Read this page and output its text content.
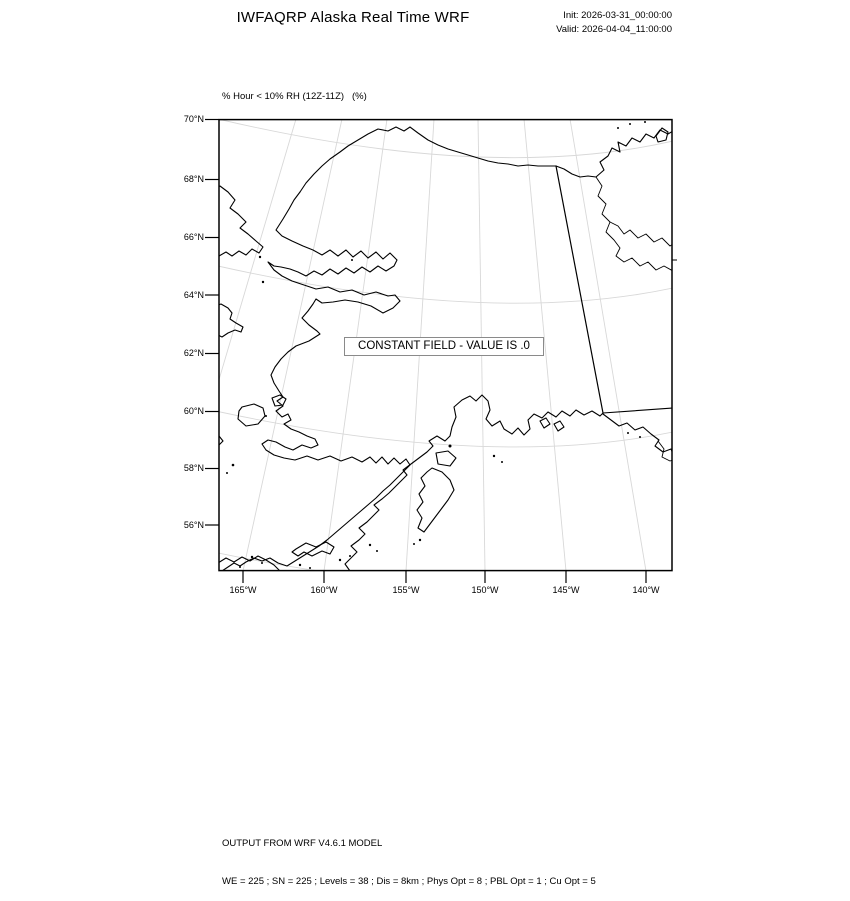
IWFAQRP Alaska Real Time WRF	Init: 2026-03-31_00:00:00
Valid: 2026-04-04_11:00:00
% Hour < 10% RH (12Z-11Z)   (%)
70°N
68°N
66°N
64°N
62°N
60°N
58°N
56°N
165°W	160°W	155°W	150°W	145°W	140°W
CONSTANT FIELD - VALUE IS .0

OUTPUT FROM WRF V4.6.1 MODEL

WE = 225 ; SN = 225 ; Levels = 38 ; Dis = 8km ; Phys Opt = 8 ; PBL Opt = 1 ; Cu Opt = 5
